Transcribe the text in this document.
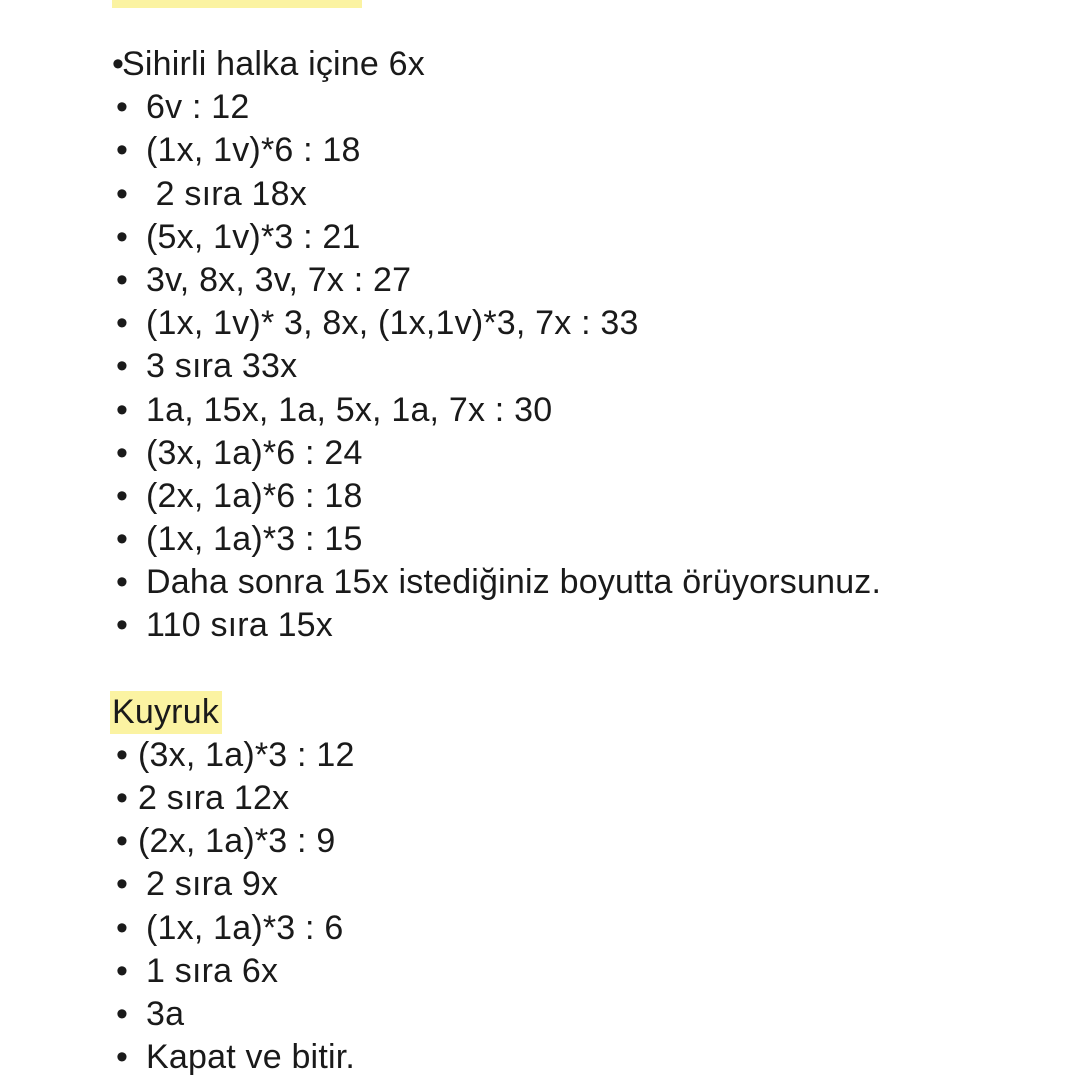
•Sihirli halka içine 6x
• 6v : 12
• (1x, 1v)*6 : 18
• 2 sıra 18x
• (5x, 1v)*3 : 21
• 3v, 8x, 3v, 7x : 27
• (1x, 1v)* 3, 8x, (1x,1v)*3, 7x : 33
• 3 sıra 33x
• 1a, 15x, 1a, 5x, 1a, 7x : 30
• (3x, 1a)*6 : 24
• (2x, 1a)*6 : 18
• (1x, 1a)*3 : 15
• Daha sonra 15x istediğiniz boyutta örüyorsunuz.
• 110 sıra 15x
Kuyruk
• (3x, 1a)*3 : 12
• 2 sıra 12x
• (2x, 1a)*3 : 9
• 2 sıra 9x
• (1x, 1a)*3 : 6
• 1 sıra 6x
• 3a
• Kapat ve bitir.
